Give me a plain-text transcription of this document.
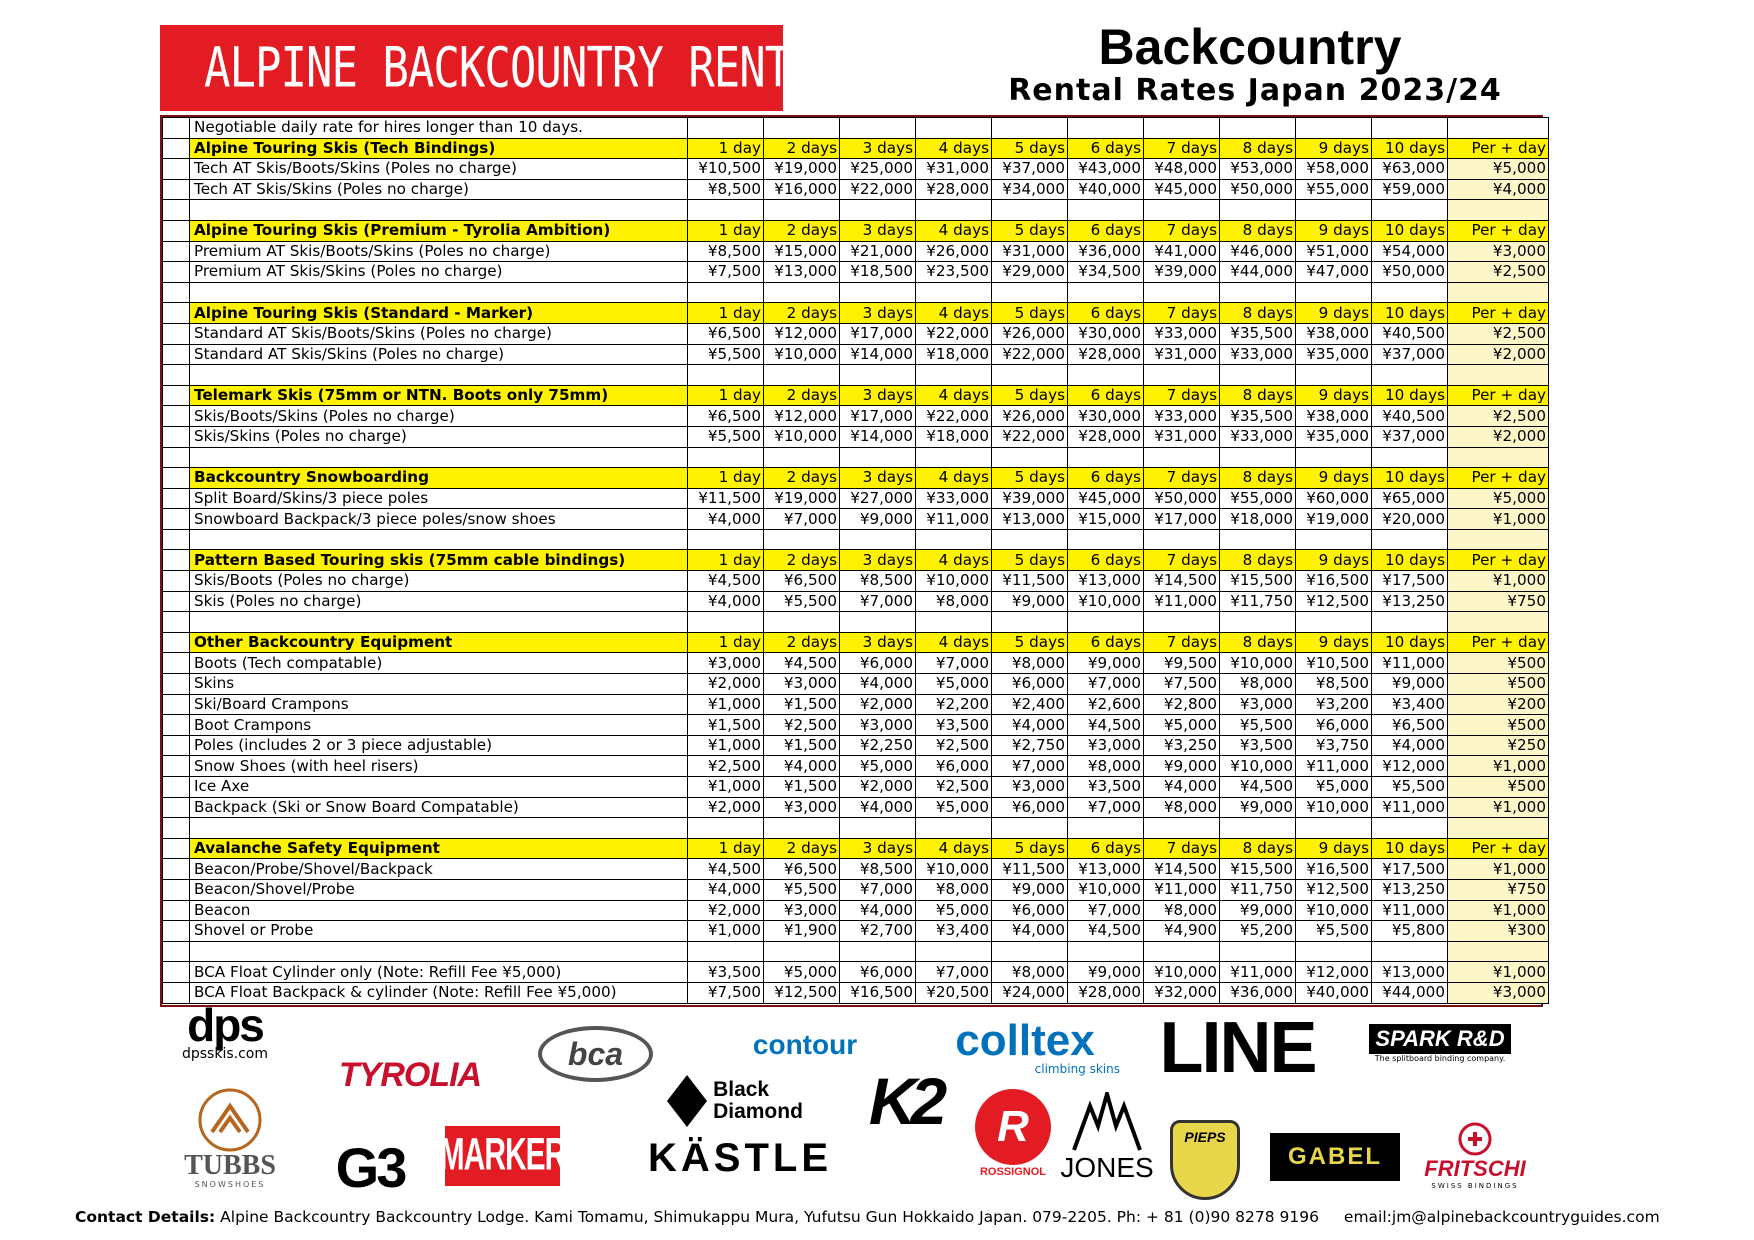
ALPINE BACKCOUNTRY RENTAL	Backcountry
Rental Rates Japan 2023/24
	Negotiable daily rate for hires longer than 10 days.											
	Alpine Touring Skis (Tech Bindings)	1 day	2 days	3 days	4 days	5 days	6 days	7 days	8 days	9 days	10 days	Per + day
	Tech AT Skis/Boots/Skins (Poles no charge)	¥10,500	¥19,000	¥25,000	¥31,000	¥37,000	¥43,000	¥48,000	¥53,000	¥58,000	¥63,000	¥5,000
	Tech AT Skis/Skins (Poles no charge)	¥8,500	¥16,000	¥22,000	¥28,000	¥34,000	¥40,000	¥45,000	¥50,000	¥55,000	¥59,000	¥4,000

	Alpine Touring Skis (Premium - Tyrolia Ambition)	1 day	2 days	3 days	4 days	5 days	6 days	7 days	8 days	9 days	10 days	Per + day
	Premium AT Skis/Boots/Skins (Poles no charge)	¥8,500	¥15,000	¥21,000	¥26,000	¥31,000	¥36,000	¥41,000	¥46,000	¥51,000	¥54,000	¥3,000
	Premium AT Skis/Skins (Poles no charge)	¥7,500	¥13,000	¥18,500	¥23,500	¥29,000	¥34,500	¥39,000	¥44,000	¥47,000	¥50,000	¥2,500

	Alpine Touring Skis (Standard - Marker)	1 day	2 days	3 days	4 days	5 days	6 days	7 days	8 days	9 days	10 days	Per + day
	Standard AT Skis/Boots/Skins (Poles no charge)	¥6,500	¥12,000	¥17,000	¥22,000	¥26,000	¥30,000	¥33,000	¥35,500	¥38,000	¥40,500	¥2,500
	Standard AT Skis/Skins (Poles no charge)	¥5,500	¥10,000	¥14,000	¥18,000	¥22,000	¥28,000	¥31,000	¥33,000	¥35,000	¥37,000	¥2,000

	Telemark Skis (75mm or NTN. Boots only 75mm)	1 day	2 days	3 days	4 days	5 days	6 days	7 days	8 days	9 days	10 days	Per + day
	Skis/Boots/Skins (Poles no charge)	¥6,500	¥12,000	¥17,000	¥22,000	¥26,000	¥30,000	¥33,000	¥35,500	¥38,000	¥40,500	¥2,500
	Skis/Skins (Poles no charge)	¥5,500	¥10,000	¥14,000	¥18,000	¥22,000	¥28,000	¥31,000	¥33,000	¥35,000	¥37,000	¥2,000

	Backcountry Snowboarding	1 day	2 days	3 days	4 days	5 days	6 days	7 days	8 days	9 days	10 days	Per + day
	Split Board/Skins/3 piece poles	¥11,500	¥19,000	¥27,000	¥33,000	¥39,000	¥45,000	¥50,000	¥55,000	¥60,000	¥65,000	¥5,000
	Snowboard Backpack/3 piece poles/snow shoes	¥4,000	¥7,000	¥9,000	¥11,000	¥13,000	¥15,000	¥17,000	¥18,000	¥19,000	¥20,000	¥1,000

	Pattern Based Touring skis (75mm cable bindings)	1 day	2 days	3 days	4 days	5 days	6 days	7 days	8 days	9 days	10 days	Per + day
	Skis/Boots (Poles no charge)	¥4,500	¥6,500	¥8,500	¥10,000	¥11,500	¥13,000	¥14,500	¥15,500	¥16,500	¥17,500	¥1,000
	Skis (Poles no charge)	¥4,000	¥5,500	¥7,000	¥8,000	¥9,000	¥10,000	¥11,000	¥11,750	¥12,500	¥13,250	¥750

	Other Backcountry Equipment	1 day	2 days	3 days	4 days	5 days	6 days	7 days	8 days	9 days	10 days	Per + day
	Boots (Tech compatable)	¥3,000	¥4,500	¥6,000	¥7,000	¥8,000	¥9,000	¥9,500	¥10,000	¥10,500	¥11,000	¥500
	Skins	¥2,000	¥3,000	¥4,000	¥5,000	¥6,000	¥7,000	¥7,500	¥8,000	¥8,500	¥9,000	¥500
	Ski/Board Crampons	¥1,000	¥1,500	¥2,000	¥2,200	¥2,400	¥2,600	¥2,800	¥3,000	¥3,200	¥3,400	¥200
	Boot Crampons	¥1,500	¥2,500	¥3,000	¥3,500	¥4,000	¥4,500	¥5,000	¥5,500	¥6,000	¥6,500	¥500
	Poles (includes 2 or 3 piece adjustable)	¥1,000	¥1,500	¥2,250	¥2,500	¥2,750	¥3,000	¥3,250	¥3,500	¥3,750	¥4,000	¥250
	Snow Shoes (with heel risers)	¥2,500	¥4,000	¥5,000	¥6,000	¥7,000	¥8,000	¥9,000	¥10,000	¥11,000	¥12,000	¥1,000
	Ice Axe	¥1,000	¥1,500	¥2,000	¥2,500	¥3,000	¥3,500	¥4,000	¥4,500	¥5,000	¥5,500	¥500
	Backpack (Ski or Snow Board Compatable)	¥2,000	¥3,000	¥4,000	¥5,000	¥6,000	¥7,000	¥8,000	¥9,000	¥10,000	¥11,000	¥1,000

	Avalanche Safety Equipment	1 day	2 days	3 days	4 days	5 days	6 days	7 days	8 days	9 days	10 days	Per + day
	Beacon/Probe/Shovel/Backpack	¥4,500	¥6,500	¥8,500	¥10,000	¥11,500	¥13,000	¥14,500	¥15,500	¥16,500	¥17,500	¥1,000
	Beacon/Shovel/Probe	¥4,000	¥5,500	¥7,000	¥8,000	¥9,000	¥10,000	¥11,000	¥11,750	¥12,500	¥13,250	¥750
	Beacon	¥2,000	¥3,000	¥4,000	¥5,000	¥6,000	¥7,000	¥8,000	¥9,000	¥10,000	¥11,000	¥1,000
	Shovel or Probe	¥1,000	¥1,900	¥2,700	¥3,400	¥4,000	¥4,500	¥4,900	¥5,200	¥5,500	¥5,800	¥300

	BCA Float Cylinder only (Note: Refill Fee ¥5,000)	¥3,500	¥5,000	¥6,000	¥7,000	¥8,000	¥9,000	¥10,000	¥11,000	¥12,000	¥13,000	¥1,000
	BCA Float Backpack & cylinder (Note: Refill Fee ¥5,000)	¥7,500	¥12,500	¥16,500	¥20,500	¥24,000	¥28,000	¥32,000	¥36,000	¥40,000	¥44,000	¥3,000
dps
dpsskis.com
TYROLIA
bca	contour
Black
Diamond
colltex
climbing skins LINE	SPARK R&D
The splitboard binding company.
TUBBS
SNOWSHOES G3 MARKER KÄSTLE
K2 R
ROSSIGNOL JONES
PIEPS
GABEL FRITSCHI
SWISS BINDINGS
Contact Details: Alpine Backcountry Backcountry Lodge. Kami Tomamu, Shimukappu Mura, Yufutsu Gun Hokkaido Japan. 079-2205. Ph: + 81 (0)90 8278 9196 email:jm@alpinebackcountryguides.com
